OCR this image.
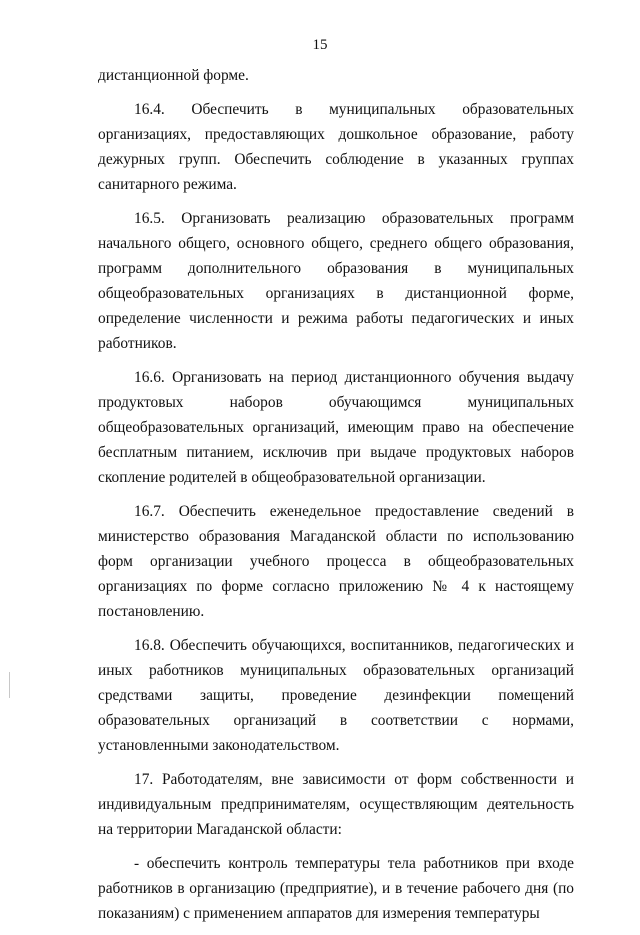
15

дистанционной форме.

16.4. Обеспечить в муниципальных образовательных организациях, предоставляющих дошкольное образование, работу дежурных групп. Обеспечить соблюдение в указанных группах санитарного режима.

16.5. Организовать реализацию образовательных программ начального общего, основного общего, среднего общего образования, программ дополнительного образования в муниципальных общеобразовательных организациях в дистанционной форме, определение численности и режима работы педагогических и иных работников.

16.6. Организовать на период дистанционного обучения выдачу продуктовых наборов обучающимся муниципальных общеобразовательных организаций, имеющим право на обеспечение бесплатным питанием, исключив при выдаче продуктовых наборов скопление родителей в общеобразовательной организации.

16.7. Обеспечить еженедельное предоставление сведений в министерство образования Магаданской области по использованию форм организации учебного процесса в общеобразовательных организациях по форме согласно приложению № 4 к настоящему постановлению.

16.8. Обеспечить обучающихся, воспитанников, педагогических и иных работников муниципальных образовательных организаций средствами защиты, проведение дезинфекции помещений образовательных организаций в соответствии с нормами, установленными законодательством.

17. Работодателям, вне зависимости от форм собственности и индивидуальным предпринимателям, осуществляющим деятельность на территории Магаданской области:

- обеспечить контроль температуры тела работников при входе работников в организацию (предприятие), и в течение рабочего дня (по показаниям) с применением аппаратов для измерения температуры
